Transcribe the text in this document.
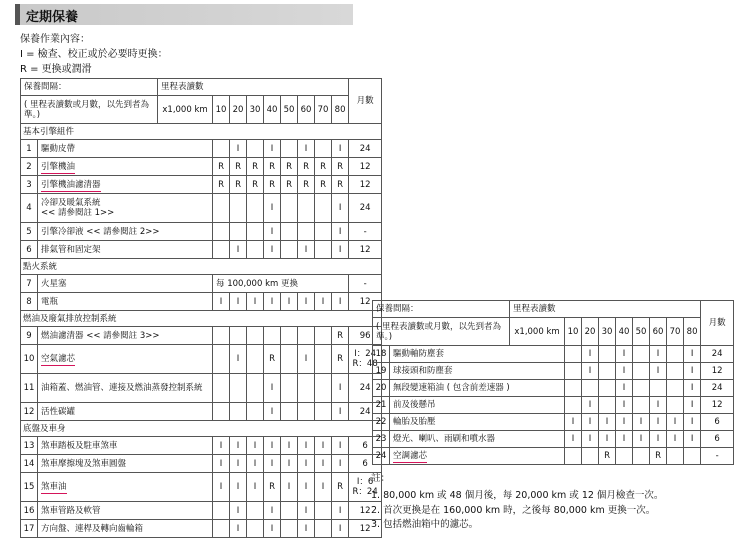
定期保養
保養作業內容：
I = 檢查、校正或於必要時更換：
R = 更換或潤滑
保養間隔：		里程表讀數									月數
( 里程表讀數或月數，以先到者為準。)		x1,000 km	10	20	30	40	50	60	70	80	
基本引擎組件											
1	驅動皮帶			I		I		I		I	24
2	引擎機油		R	R	R	R	R	R	R	R	12
3	引擎機油濾清器		R	R	R	R	R	R	R	R	12
4	冷卻及暖氣系統
<< 請參閱註 1>>					I				I	24
5	引擎冷卻液 << 請參閱註 2>>					I				I	-
6	排氣管和固定架			I		I		I		I	12
點火系統											
7	火星塞		每 100,000 km 更換								-
8	電瓶		I	I	I	I	I	I	I	I	12
燃油及廢氣排放控制系統											
9	燃油濾清器 << 請參閱註 3>>									R	96
10	空氣濾芯			I		R		I		R	I：24
R：48
11	油箱蓋、燃油管、連接及燃油蒸發控制系統					I				I	24
12	活性碳罐					I				I	24
底盤及車身											
13	煞車踏板及駐車煞車		I	I	I	I	I	I	I	I	6
14	煞車摩擦塊及煞車圓盤		I	I	I	I	I	I	I	I	6
15	煞車油		I	I	I	R	I	I	I	R	I：6
R：24
16	煞車管路及軟管			I		I		I		I	12
17	方向盤、連桿及轉向齒輪箱			I		I		I		I	12
保養間隔：		里程表讀數									月數
( 里程表讀數或月數，以先到者為準。)		x1,000 km	10	20	30	40	50	60	70	80	
18	驅動軸防塵套			I		I		I		I	24
19	球接頭和防塵套			I		I		I		I	12
20	無段變速箱油 ( 包含前差速器 )					I				I	24
21	前及後懸吊			I		I		I		I	12
22	輪胎及胎壓		I	I	I	I	I	I	I	I	6
23	燈光、喇叭、雨刷和噴水器		I	I	I	I	I	I	I	I	6
24	空調濾芯				R			R			-
註：
1. 80,000 km 或 48 個月後，每 20,000 km 或 12 個月檢查一次。
2. 首次更換是在 160,000 km 時，之後每 80,000 km 更換一次。
3. 包括燃油箱中的濾芯。
